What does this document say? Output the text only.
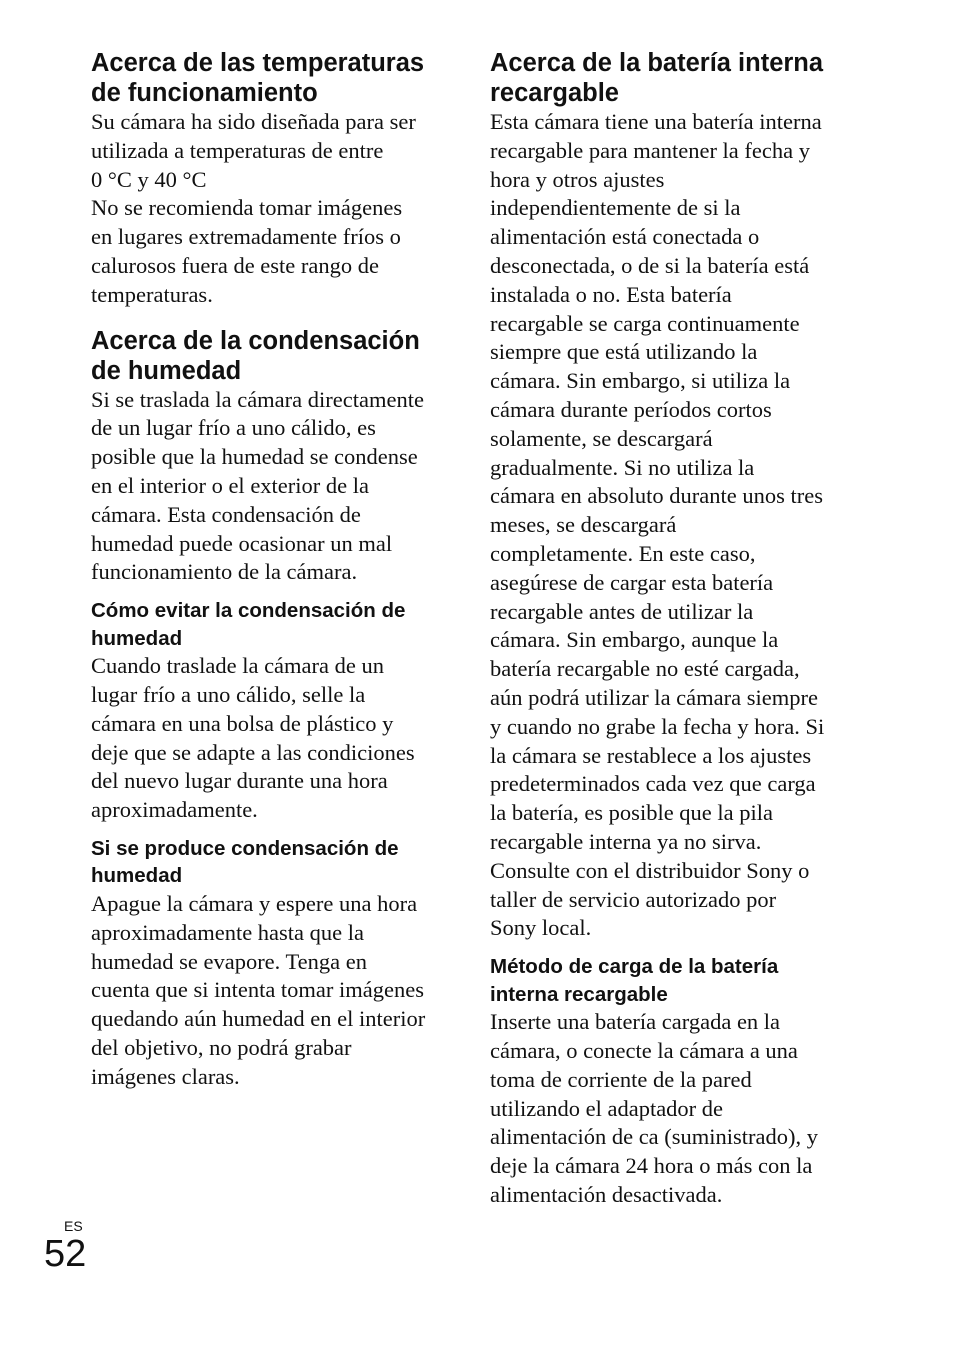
Acerca de las temperaturas
de funcionamiento

Su cámara ha sido diseñada para ser
utilizada a temperaturas de entre
0 °C y 40 °C
No se recomienda tomar imágenes
en lugares extremadamente fríos o
calurosos fuera de este rango de
temperaturas.

Acerca de la condensación
de humedad

Si se traslada la cámara directamente
de un lugar frío a uno cálido, es
posible que la humedad se condense
en el interior o el exterior de la
cámara. Esta condensación de
humedad puede ocasionar un mal
funcionamiento de la cámara.

Cómo evitar la condensación de
humedad

Cuando traslade la cámara de un
lugar frío a uno cálido, selle la
cámara en una bolsa de plástico y
deje que se adapte a las condiciones
del nuevo lugar durante una hora
aproximadamente.

Si se produce condensación de
humedad

Apague la cámara y espere una hora
aproximadamente hasta que la
humedad se evapore. Tenga en
cuenta que si intenta tomar imágenes
quedando aún humedad en el interior
del objetivo, no podrá grabar
imágenes claras.

Acerca de la batería interna
recargable

Esta cámara tiene una batería interna
recargable para mantener la fecha y
hora y otros ajustes
independientemente de si la
alimentación está conectada o
desconectada, o de si la batería está
instalada o no. Esta batería
recargable se carga continuamente
siempre que está utilizando la
cámara. Sin embargo, si utiliza la
cámara durante períodos cortos
solamente, se descargará
gradualmente. Si no utiliza la
cámara en absoluto durante unos tres
meses, se descargará
completamente. En este caso,
asegúrese de cargar esta batería
recargable antes de utilizar la
cámara. Sin embargo, aunque la
batería recargable no esté cargada,
aún podrá utilizar la cámara siempre
y cuando no grabe la fecha y hora. Si
la cámara se restablece a los ajustes
predeterminados cada vez que carga
la batería, es posible que la pila
recargable interna ya no sirva.
Consulte con el distribuidor Sony o
taller de servicio autorizado por
Sony local.

Método de carga de la batería
interna recargable

Inserte una batería cargada en la
cámara, o conecte la cámara a una
toma de corriente de la pared
utilizando el adaptador de
alimentación de ca (suministrado), y
deje la cámara 24 hora o más con la
alimentación desactivada.

ES
52
